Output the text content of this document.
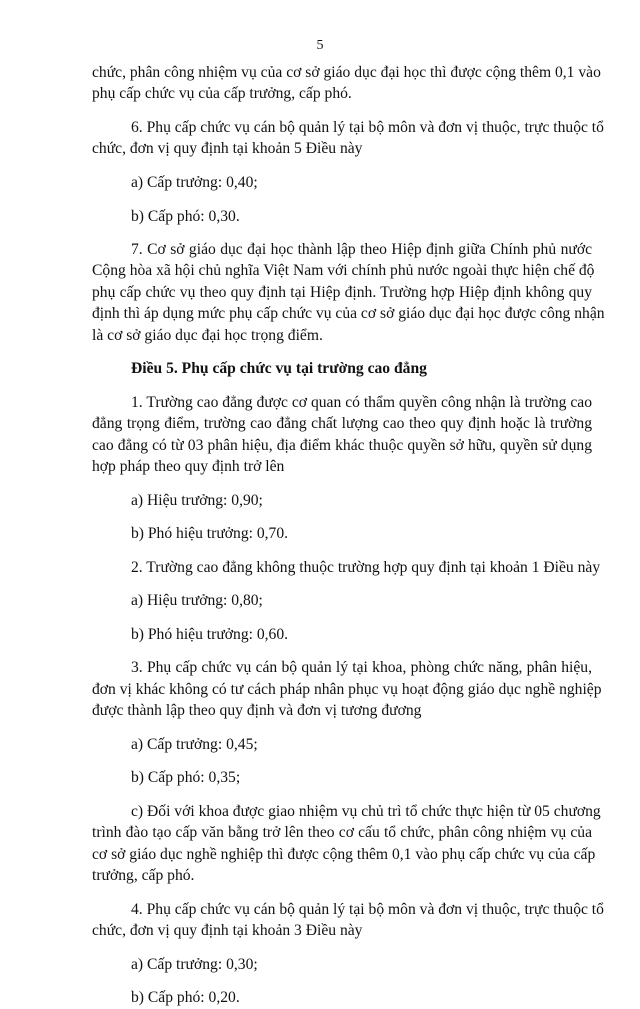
5
chức, phân công nhiệm vụ của cơ sở giáo dục đại học thì được cộng thêm 0,1 vào
phụ cấp chức vụ của cấp trưởng, cấp phó.
6. Phụ cấp chức vụ cán bộ quản lý tại bộ môn và đơn vị thuộc, trực thuộc tổ
chức, đơn vị quy định tại khoản 5 Điều này
a) Cấp trưởng: 0,40;
b) Cấp phó: 0,30.
7. Cơ sở giáo dục đại học thành lập theo Hiệp định giữa Chính phủ nước
Cộng hòa xã hội chủ nghĩa Việt Nam với chính phủ nước ngoài thực hiện chế độ
phụ cấp chức vụ theo quy định tại Hiệp định. Trường hợp Hiệp định không quy
định thì áp dụng mức phụ cấp chức vụ của cơ sở giáo dục đại học được công nhận
là cơ sở giáo dục đại học trọng điểm.
Điều 5. Phụ cấp chức vụ tại trường cao đẳng
1. Trường cao đẳng được cơ quan có thẩm quyền công nhận là trường cao
đẳng trọng điểm, trường cao đẳng chất lượng cao theo quy định hoặc là trường
cao đẳng có từ 03 phân hiệu, địa điểm khác thuộc quyền sở hữu, quyền sử dụng
hợp pháp theo quy định trở lên
a) Hiệu trưởng: 0,90;
b) Phó hiệu trưởng: 0,70.
2. Trường cao đẳng không thuộc trường hợp quy định tại khoản 1 Điều này
a) Hiệu trưởng: 0,80;
b) Phó hiệu trưởng: 0,60.
3. Phụ cấp chức vụ cán bộ quản lý tại khoa, phòng chức năng, phân hiệu,
đơn vị khác không có tư cách pháp nhân phục vụ hoạt động giáo dục nghề nghiệp
được thành lập theo quy định và đơn vị tương đương
a) Cấp trưởng: 0,45;
b) Cấp phó: 0,35;
c) Đối với khoa được giao nhiệm vụ chủ trì tổ chức thực hiện từ 05 chương
trình đào tạo cấp văn bằng trở lên theo cơ cấu tổ chức, phân công nhiệm vụ của
cơ sở giáo dục nghề nghiệp thì được cộng thêm 0,1 vào phụ cấp chức vụ của cấp
trưởng, cấp phó.
4. Phụ cấp chức vụ cán bộ quản lý tại bộ môn và đơn vị thuộc, trực thuộc tổ
chức, đơn vị quy định tại khoản 3 Điều này
a) Cấp trưởng: 0,30;
b) Cấp phó: 0,20.
